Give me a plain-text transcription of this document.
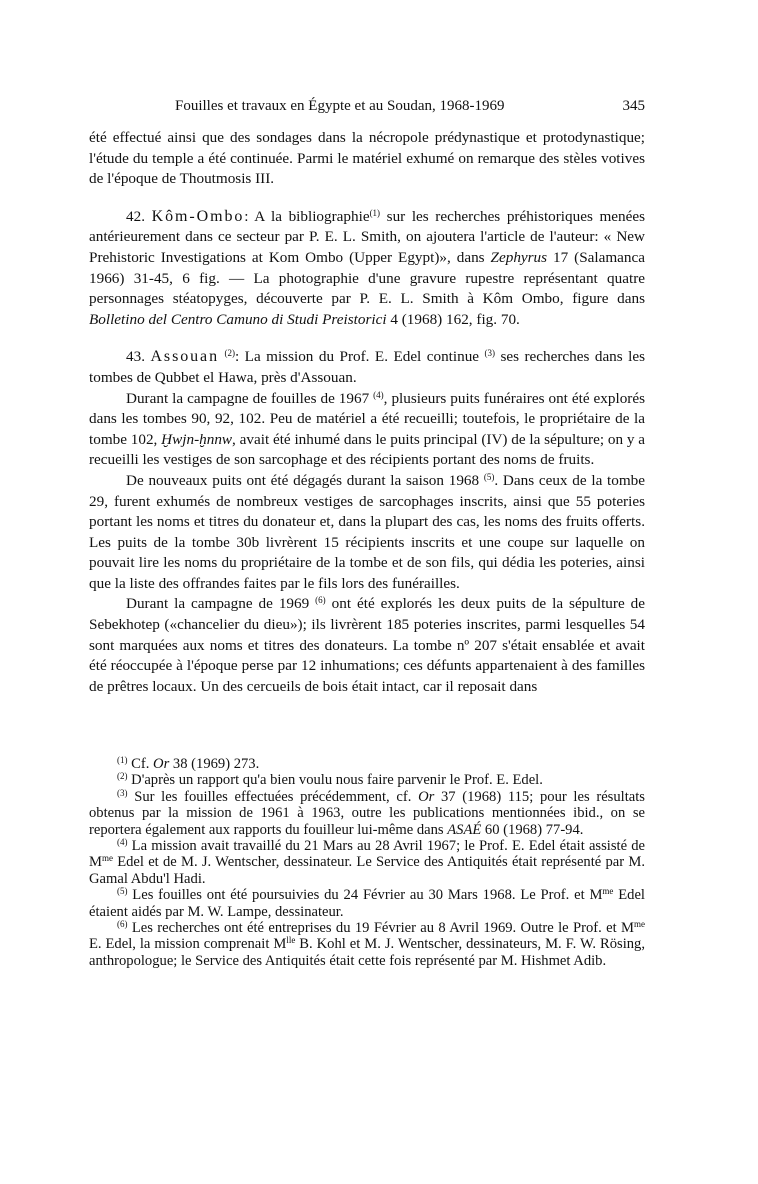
Fouilles et travaux en Égypte et au Soudan, 1968-1969	345

été effectué ainsi que des sondages dans la nécropole prédynastique et protodynastique; l'étude du temple a été continuée. Parmi le matériel exhumé on remarque des stèles votives de l'époque de Thoutmosis III.

42. Kôm-Ombo: A la bibliographie$^{(1)}$ sur les recherches préhistoriques menées antérieurement dans ce secteur par P. E. L. Smith, on ajoutera l'article de l'auteur: « New Prehistoric Investigations at Kom Ombo (Upper Egypt)», dans Zephyrus 17 (Salamanca 1966) 31-45, 6 fig. — La photographie d'une gravure rupestre représentant quatre personnages stéatopyges, découverte par P. E. L. Smith à Kôm Ombo, figure dans Bolletino del Centro Camuno di Studi Preistorici 4 (1968) 162, fig. 70.

43. Assouan $^{(2)}$: La mission du Prof. E. Edel continue $^{(3)}$ ses recherches dans les tombes de Qubbet el Hawa, près d'Assouan.

Durant la campagne de fouilles de 1967 $^{(4)}$, plusieurs puits funéraires ont été explorés dans les tombes 90, 92, 102. Peu de matériel a été recueilli; toutefois, le propriétaire de la tombe 102, Ḫwjn-ḫnnw, avait été inhumé dans le puits principal (IV) de la sépulture; on y a recueilli les vestiges de son sarcophage et des récipients portant des noms de fruits.

De nouveaux puits ont été dégagés durant la saison 1968 $^{(5)}$. Dans ceux de la tombe 29, furent exhumés de nombreux vestiges de sarcophages inscrits, ainsi que 55 poteries portant les noms et titres du donateur et, dans la plupart des cas, les noms des fruits offerts. Les puits de la tombe 30b livrèrent 15 récipients inscrits et une coupe sur laquelle on pouvait lire les noms du propriétaire de la tombe et de son fils, qui dédia les poteries, ainsi que la liste des offrandes faites par le fils lors des funérailles.

Durant la campagne de 1969 $^{(6)}$ ont été explorés les deux puits de la sépulture de Sebekhotep («chancelier du dieu»); ils livrèrent 185 poteries inscrites, parmi lesquelles 54 sont marquées aux noms et titres des donateurs. La tombe nº 207 s'était ensablée et avait été réoccupée à l'époque perse par 12 inhumations; ces défunts appartenaient à des familles de prêtres locaux. Un des cercueils de bois était intact, car il reposait dans

$^{(1)}$ Cf. Or 38 (1969) 273.

$^{(2)}$ D'après un rapport qu'a bien voulu nous faire parvenir le Prof. E. Edel.

$^{(3)}$ Sur les fouilles effectuées précédemment, cf. Or 37 (1968) 115; pour les résultats obtenus par la mission de 1961 à 1963, outre les publications mentionnées ibid., on se reportera également aux rapports du fouilleur lui-même dans ASAÉ 60 (1968) 77-94.

$^{(4)}$ La mission avait travaillé du 21 Mars au 28 Avril 1967; le Prof. E. Edel était assisté de $M^{me}$ Edel et de M. J. Wentscher, dessinateur. Le Service des Antiquités était représenté par M. Gamal Abdu'l Hadi.

$^{(5)}$ Les fouilles ont été poursuivies du 24 Février au 30 Mars 1968. Le Prof. et $M^{me}$ Edel étaient aidés par M. W. Lampe, dessinateur.

$^{(6)}$ Les recherches ont été entreprises du 19 Février au 8 Avril 1969. Outre le Prof. et $M^{me}$ E. Edel, la mission comprenait $M^{lle}$ B. Kohl et M. J. Wentscher, dessinateurs, M. F. W. Rösing, anthropologue; le Service des Antiquités était cette fois représenté par M. Hishmet Adib.
